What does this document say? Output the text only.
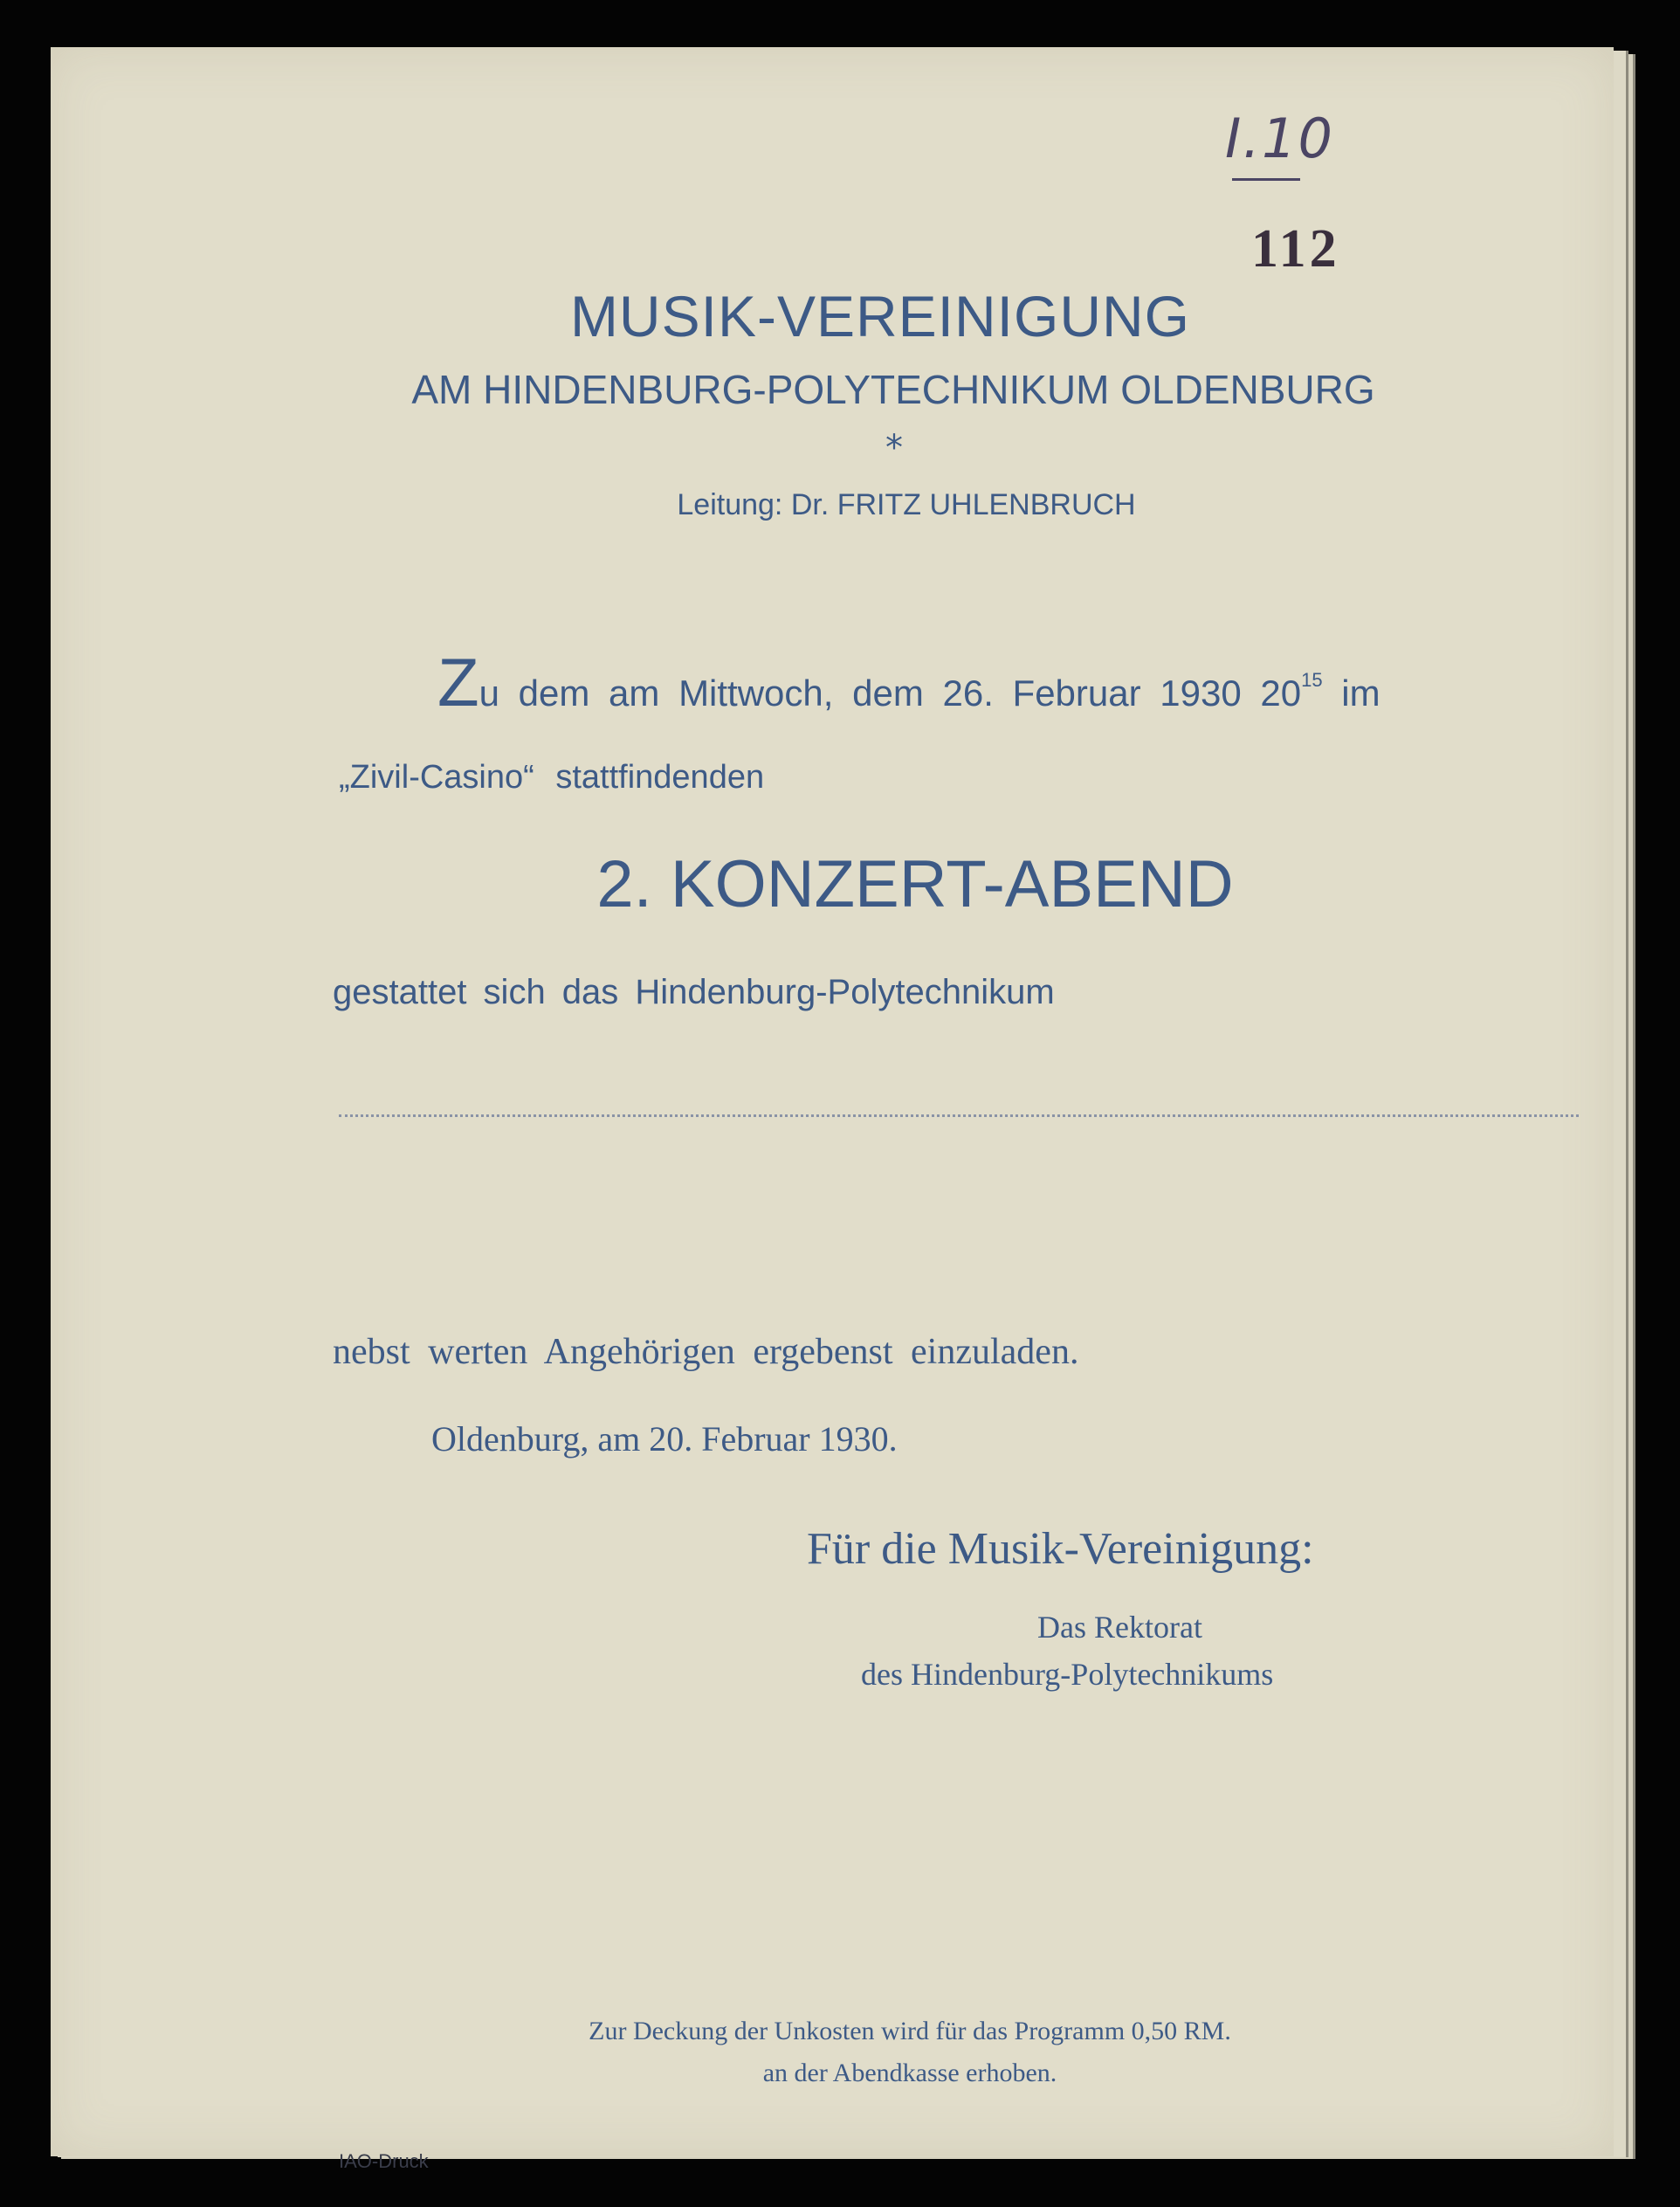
I.10

112

MUSIK-VEREINIGUNG

AM HINDENBURG-POLYTECHNIKUM OLDENBURG

*

Leitung: Dr. FRITZ UHLENBRUCH

Zu dem am Mittwoch, dem 26. Februar 1930 $20^{15}$ im

„Zivil-Casino“ stattfindenden

2. KONZERT-ABEND

gestattet sich das Hindenburg-Polytechnikum

nebst werten Angehörigen ergebenst einzuladen.

Oldenburg, am 20. Februar 1930.

Für die Musik-Vereinigung:

Das Rektorat

des Hindenburg-Polytechnikums

Zur Deckung der Unkosten wird für das Programm 0,50 RM.

an der Abendkasse erhoben.

IAO-Druck
